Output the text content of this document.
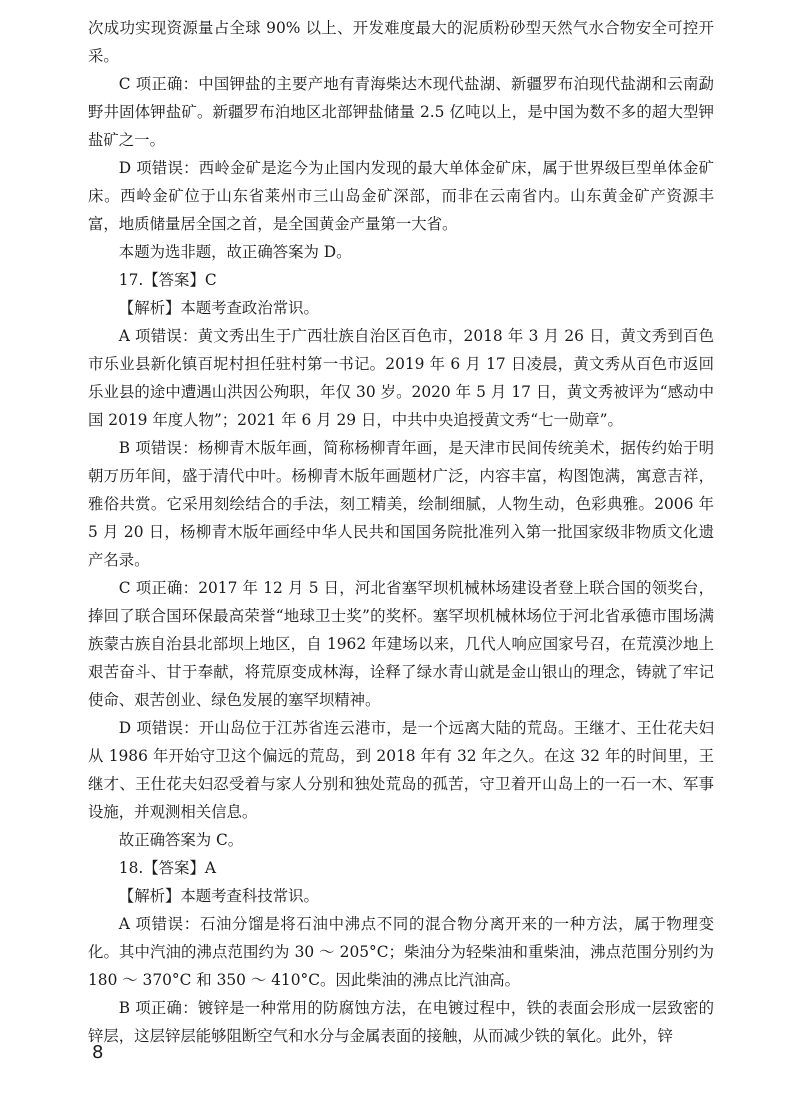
次成功实现资源量占全球 90% 以上、开发难度最大的泥质粉砂型天然气水合物安全可控开采。

C 项正确：中国钾盐的主要产地有青海柴达木现代盐湖、新疆罗布泊现代盐湖和云南勐野井固体钾盐矿。新疆罗布泊地区北部钾盐储量 2.5 亿吨以上，是中国为数不多的超大型钾盐矿之一。

D 项错误：西岭金矿是迄今为止国内发现的最大单体金矿床，属于世界级巨型单体金矿床。西岭金矿位于山东省莱州市三山岛金矿深部，而非在云南省内。山东黄金矿产资源丰富，地质储量居全国之首，是全国黄金产量第一大省。

本题为选非题，故正确答案为 D。

17.【答案】C

【解析】本题考查政治常识。

A 项错误：黄文秀出生于广西壮族自治区百色市，2018 年 3 月 26 日，黄文秀到百色市乐业县新化镇百坭村担任驻村第一书记。2019 年 6 月 17 日凌晨，黄文秀从百色市返回乐业县的途中遭遇山洪因公殉职，年仅 30 岁。2020 年 5 月 17 日，黄文秀被评为“感动中国 2019 年度人物”；2021 年 6 月 29 日，中共中央追授黄文秀“七一勋章”。

B 项错误：杨柳青木版年画，简称杨柳青年画，是天津市民间传统美术，据传约始于明朝万历年间，盛于清代中叶。杨柳青木版年画题材广泛，内容丰富，构图饱满，寓意吉祥，雅俗共赏。它采用刻绘结合的手法，刻工精美，绘制细腻，人物生动，色彩典雅。2006 年 5 月 20 日，杨柳青木版年画经中华人民共和国国务院批准列入第一批国家级非物质文化遗产名录。

C 项正确：2017 年 12 月 5 日，河北省塞罕坝机械林场建设者登上联合国的领奖台，捧回了联合国环保最高荣誉“地球卫士奖”的奖杯。塞罕坝机械林场位于河北省承德市围场满族蒙古族自治县北部坝上地区，自 1962 年建场以来，几代人响应国家号召，在荒漠沙地上艰苦奋斗、甘于奉献，将荒原变成林海，诠释了绿水青山就是金山银山的理念，铸就了牢记使命、艰苦创业、绿色发展的塞罕坝精神。

D 项错误：开山岛位于江苏省连云港市，是一个远离大陆的荒岛。王继才、王仕花夫妇从 1986 年开始守卫这个偏远的荒岛，到 2018 年有 32 年之久。在这 32 年的时间里，王继才、王仕花夫妇忍受着与家人分别和独处荒岛的孤苦，守卫着开山岛上的一石一木、军事设施，并观测相关信息。

故正确答案为 C。

18.【答案】A

【解析】本题考查科技常识。

A 项错误：石油分馏是将石油中沸点不同的混合物分离开来的一种方法，属于物理变化。其中汽油的沸点范围约为 30 ～ 205°C；柴油分为轻柴油和重柴油，沸点范围分别约为 180 ～ 370°C 和 350 ～ 410°C。因此柴油的沸点比汽油高。

B 项正确：镀锌是一种常用的防腐蚀方法，在电镀过程中，铁的表面会形成一层致密的锌层，这层锌层能够阻断空气和水分与金属表面的接触，从而减少铁的氧化。此外，锌

8
